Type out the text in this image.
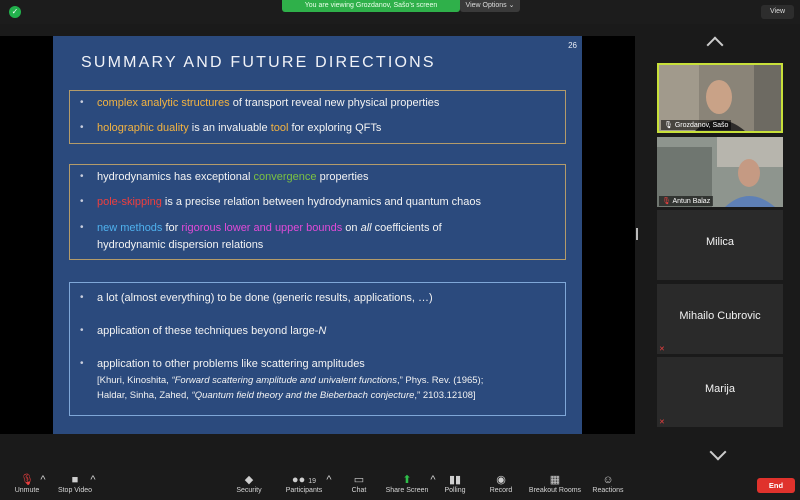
✓
You are viewing Grozdanov, Sašo's screen	View Options ⌄
View
26
SUMMARY AND FUTURE DIRECTIONS
• complex analytic structures of transport reveal new physical properties
• holographic duality is an invaluable tool for exploring QFTs
• hydrodynamics has exceptional convergence properties
• pole-skipping is a precise relation between hydrodynamics and quantum chaos
• new methods for rigorous lower and upper bounds on all coefficients of
hydrodynamic dispersion relations
• a lot (almost everything) to be done (generic results, applications, …)
• application of these techniques beyond large-N
• application to other problems like scattering amplitudes
[Khuri, Kinoshita, “Forward scattering amplitude and univalent functions,” Phys. Rev. (1965);
Haldar, Sinha, Zahed, “Quantum field theory and the Bieberbach conjecture,” 2103.12108]
🎙 Grozdanov, Sašo
🎙 Antun Balaz
Milica
Mihailo Cubrovic
✕
Marija
✕
🎙
Unmute
^	■
Stop Video
^	◆
Security
●● 19
Participants
^	▭
Chat
⬆
Share Screen
^	▮▮
Polling
◉
Record
▦
Breakout Rooms
☺
Reactions
End
